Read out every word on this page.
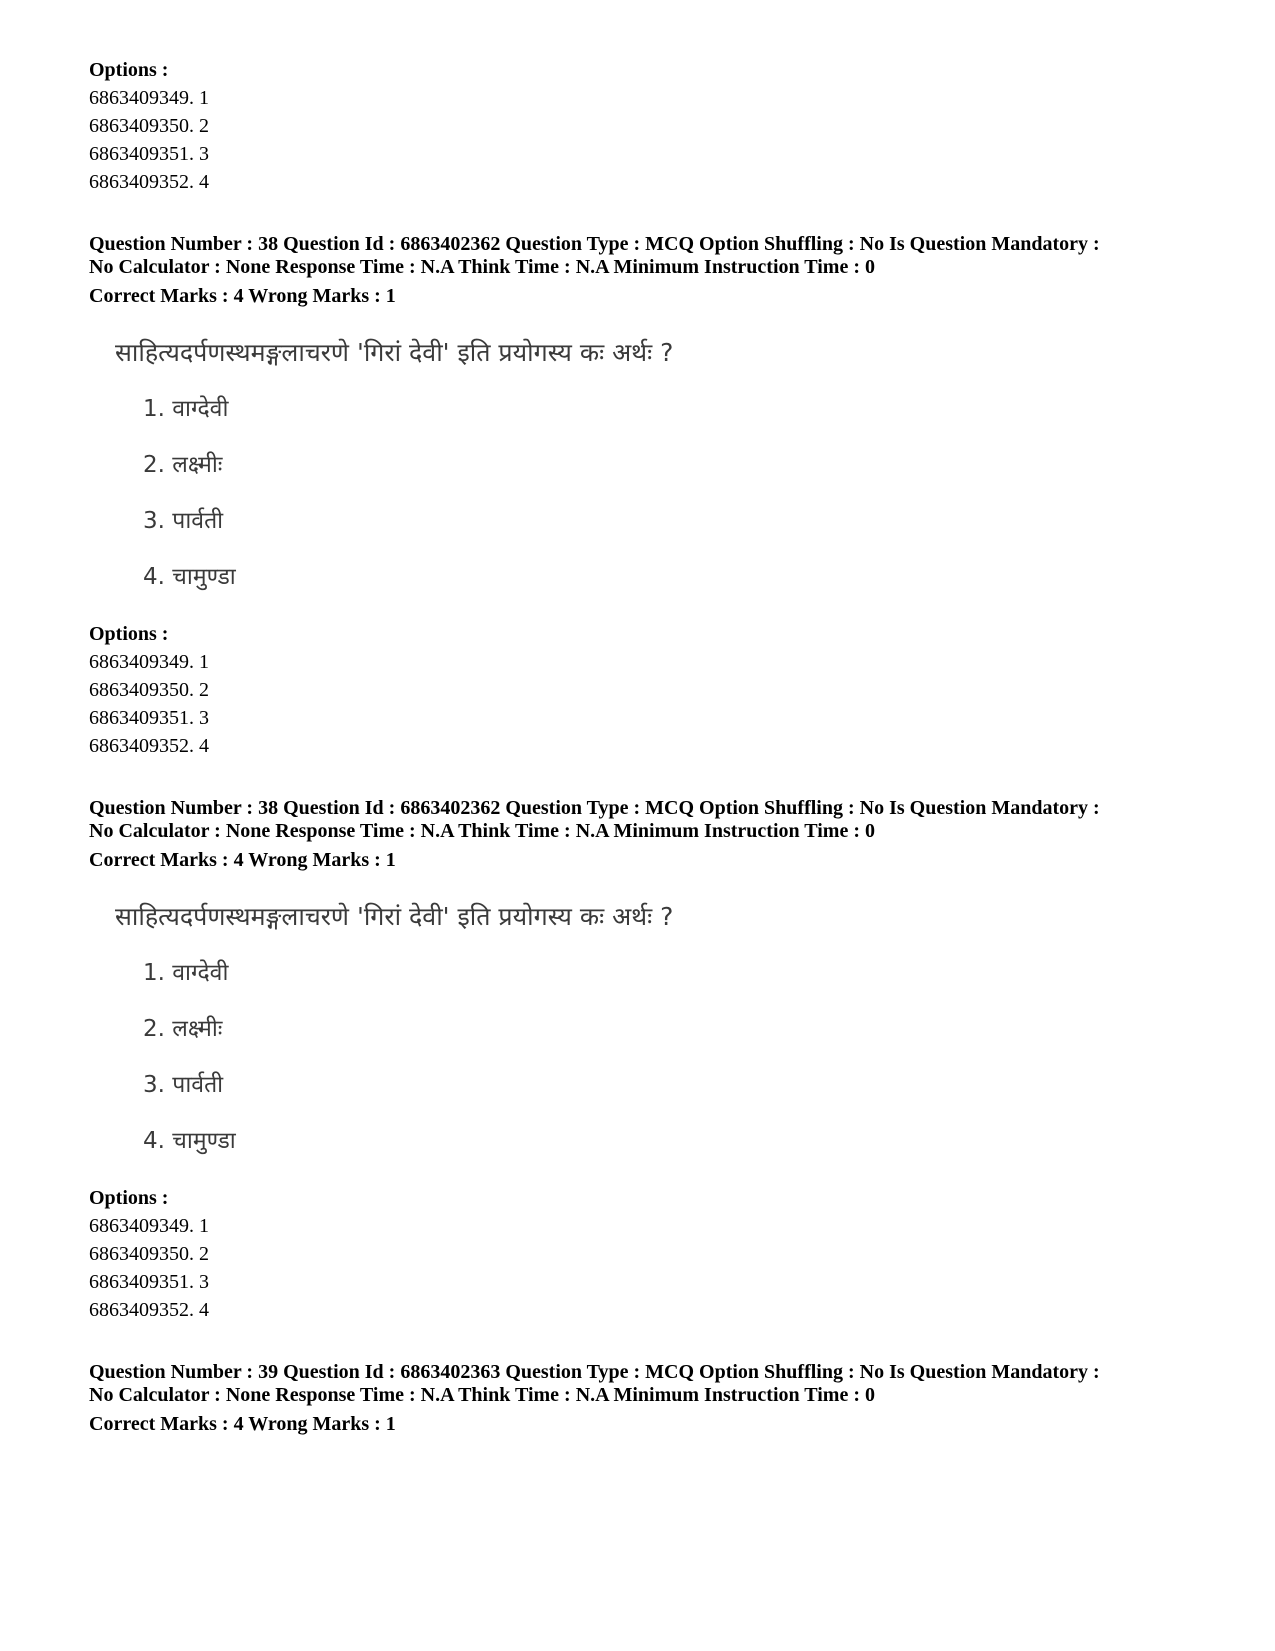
Options :
6863409349. 1
6863409350. 2
6863409351. 3
6863409352. 4
Question Number : 38 Question Id : 6863402362 Question Type : MCQ Option Shuffling : No Is Question Mandatory :
No Calculator : None Response Time : N.A Think Time : N.A Minimum Instruction Time : 0
Correct Marks : 4 Wrong Marks : 1
साहित्यदर्पणस्थमङ्गलाचरणे 'गिरां देवी' इति प्रयोगस्य कः अर्थः ?
1. वाग्देवी
2. लक्ष्मीः
3. पार्वती
4. चामुण्डा
Options :
6863409349. 1
6863409350. 2
6863409351. 3
6863409352. 4
Question Number : 38 Question Id : 6863402362 Question Type : MCQ Option Shuffling : No Is Question Mandatory :
No Calculator : None Response Time : N.A Think Time : N.A Minimum Instruction Time : 0
Correct Marks : 4 Wrong Marks : 1
साहित्यदर्पणस्थमङ्गलाचरणे 'गिरां देवी' इति प्रयोगस्य कः अर्थः ?
1. वाग्देवी
2. लक्ष्मीः
3. पार्वती
4. चामुण्डा
Options :
6863409349. 1
6863409350. 2
6863409351. 3
6863409352. 4
Question Number : 39 Question Id : 6863402363 Question Type : MCQ Option Shuffling : No Is Question Mandatory :
No Calculator : None Response Time : N.A Think Time : N.A Minimum Instruction Time : 0
Correct Marks : 4 Wrong Marks : 1
